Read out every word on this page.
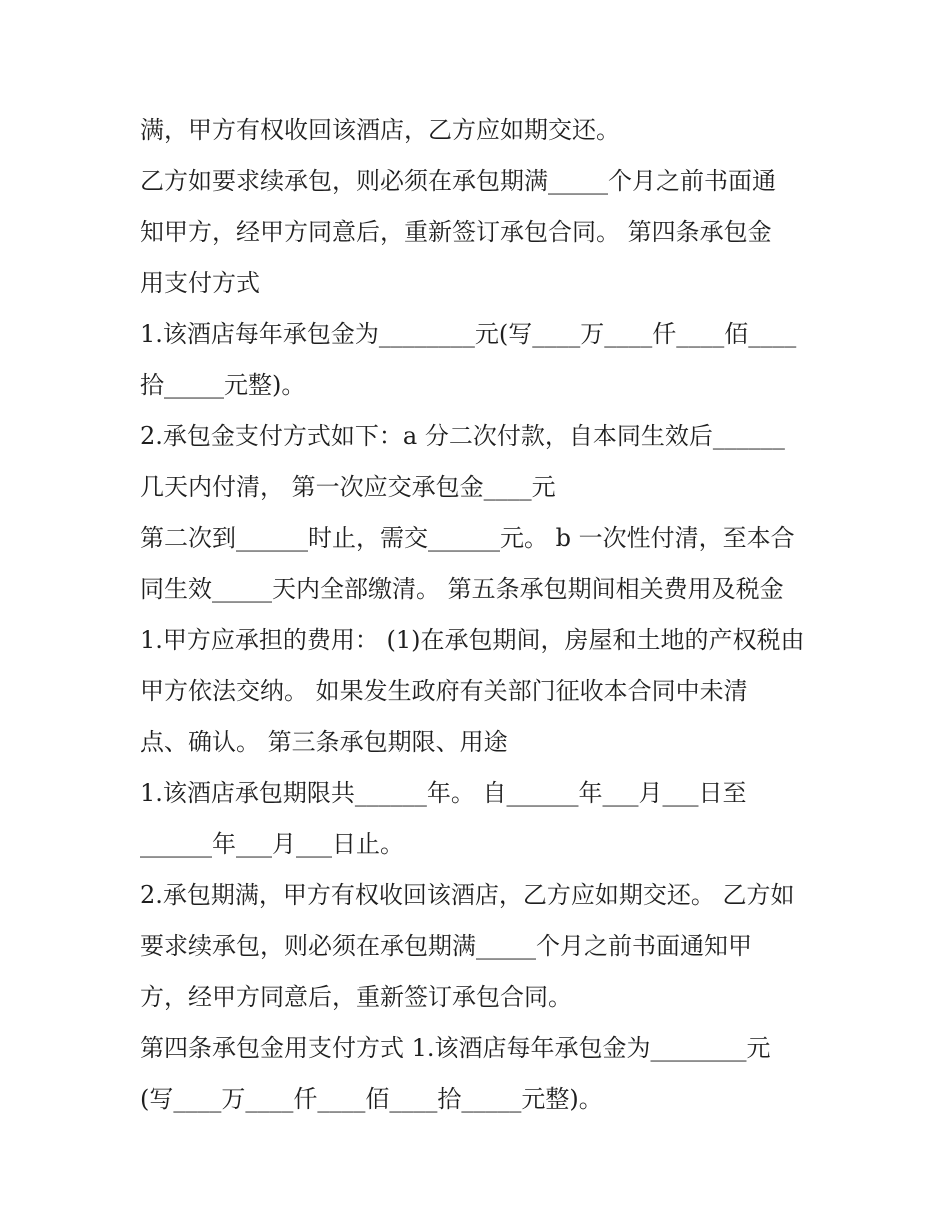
满，甲方有权收回该酒店，乙方应如期交还。
乙方如要求续承包，则必须在承包期满_____个月之前书面通
知甲方，经甲方同意后，重新签订承包合同。 第四条承包金
用支付方式
1.该酒店每年承包金为________元(写____万____仟____佰____
拾_____元整)。
2.承包金支付方式如下：a 分二次付款，自本同生效后______
几天内付清， 第一次应交承包金____元
第二次到______时止，需交______元。 b 一次性付清，至本合
同生效_____天内全部缴清。 第五条承包期间相关费用及税金
1.甲方应承担的费用： (1)在承包期间，房屋和土地的产权税由
甲方依法交纳。 如果发生政府有关部门征收本合同中未清
点、确认。 第三条承包期限、用途
1.该酒店承包期限共______年。 自______年___月___日至
______年___月___日止。
2.承包期满，甲方有权收回该酒店，乙方应如期交还。 乙方如
要求续承包，则必须在承包期满_____个月之前书面通知甲
方，经甲方同意后，重新签订承包合同。
第四条承包金用支付方式 1.该酒店每年承包金为________元
(写____万____仟____佰____拾_____元整)。
